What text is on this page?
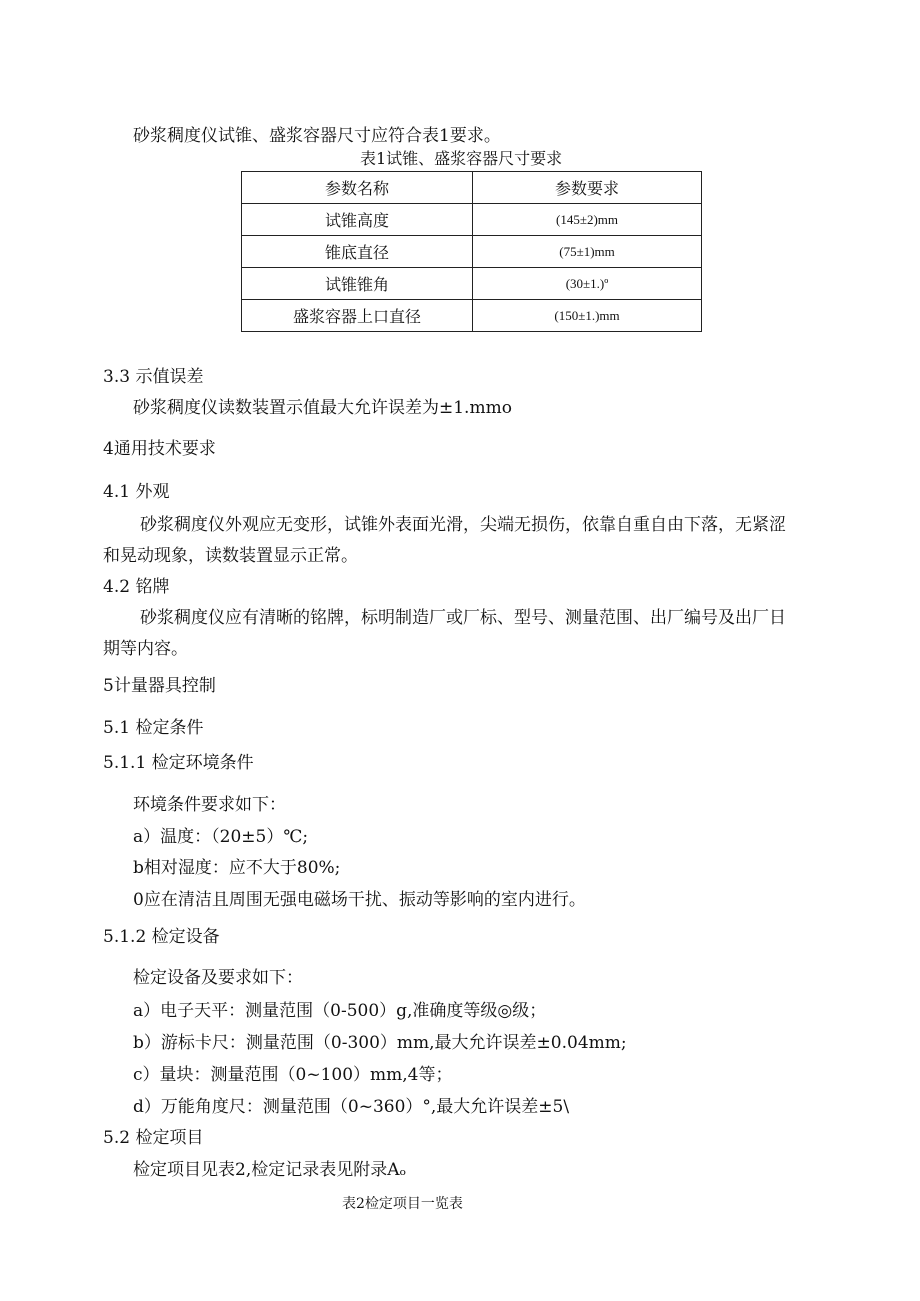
砂浆稠度仪试锥、盛浆容器尺寸应符合表1要求。
表1试锥、盛浆容器尺寸要求
参数名称	参数要求
试锥高度	(145±2)mm
锥底直径	(75±1)mm
试锥锥角	(30±1.)º
盛浆容器上口直径	(150±1.)mm
3.3 示值误差
砂浆稠度仪读数装置示值最大允许误差为±1.mmo
4通用技术要求
4.1 外观
砂浆稠度仪外观应无变形，试锥外表面光滑，尖端无损伤，依靠自重自由下落，无紧涩
和晃动现象，读数装置显示正常。
4.2 铭牌
砂浆稠度仪应有清晰的铭牌，标明制造厂或厂标、型号、测量范围、出厂编号及出厂日
期等内容。
5计量器具控制
5.1 检定条件
5.1.1 检定环境条件
环境条件要求如下：
a）温度：（20±5）℃;
b相对湿度：应不大于80%;
0应在清洁且周围无强电磁场干扰、振动等影响的室内进行。
5.1.2 检定设备
检定设备及要求如下：
a）电子天平：测量范围（0-500）g,准确度等级◎级；
b）游标卡尺：测量范围（0-300）mm,最大允许误差±0.04mm;
c）量块：测量范围（0~100）mm,4等；
d）万能角度尺：测量范围（0~360）°,最大允许误差±5\
5.2 检定项目
检定项目见表2,检定记录表见附录Aₒ
表2检定项目一览表
